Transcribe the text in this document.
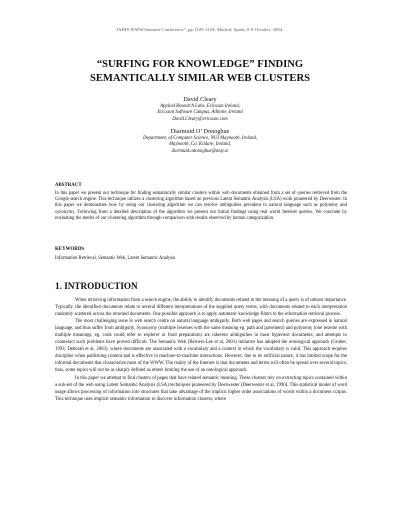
IADIS WWW/Internet Conference", pp 1129-1134, Madrid, Spain, 6-9 October, 2004.
“SURFING FOR KNOWLEDGE” FINDING
SEMANTICALLY SIMILAR WEB CLUSTERS
David Cleary
Applied Research Labs, Ericsson Ireland,
Ericsson Software Campus, Athlone, Ireland
David.Cleary@ericsson.com
Diarmuid O’ Donoghue
Department, of Computer Science, NUI Maynooth, Ireland,
Maynooth, Co. Kildare, Ireland,
diarmuid.odonoghue@may.ie
ABSTRACT
In this paper we present our technique for finding semantically similar clusters within web documents obtained from a set of queries retrieved from the Google search engine. This technique utilizes a clustering algorithm based on previous Latent Semantic Analysis (LSA) work pioneered by Deerwester. In this paper we demonstrate how by using our clustering algorithm we can resolve ambiguities prevalent in natural language such as polysemy and synonymy. Following from a detailed description of the algorithm we present our initial findings using real world Internet queries. We conclude by evaluating the merits of our clustering algorithm through comparison with results observed by human categorization.
KEYWORDS
Information Retrieval, Semantic Web, Latent Semantic Analysis
1. INTRODUCTION

When retrieving information from a search engine, the ability to identify documents related to the meaning of a query is of utmost importance. Typically, the identified documents relate to several different interpretations of the supplied query terms, with documents related to each interpretation randomly scattered across the returned documents. One possible approach is to apply automatic knowledge filters to the information retrieval process.

The most challenging issue in web search centre on natural language ambiguity. Both web pages and search queries are expressed in natural language, and thus suffer from ambiguity. Synonymy (multiple lexemes with the same meaning eg. path and pavement) and polysemy (one lexeme with multiple meanings, eg. cook could refer to explorer or food preparation) are inherent ambiguities in most hypertext documents; and attempts to counteract such problems have proved difficult. The Semantic Web (Berners-Lee et al, 2001) initiative has adopted the ontological approach (Gruber, 1993; Deborah et al, 2003), where documents are associated with a vocabulary and a context in which the vocabulary is valid. This approach requires discipline when publishing content and is effective in machine-to-machine interactions. However, due to its artificial nature, it has limited scope for the informal documents that characterize most of the WWW. The reality of the Internet is that documents and terms will often be spread over several topics; thus, some topics will not be as sharply defined as others limiting the use of an ontological approach.

In this paper we attempt to find clusters of pages that have related semantic meaning. These clusters rely on extracting topics contained within a sub-set of the web using Latent Semantic Analysis (LSA) techniques pioneered by Deerwester (Deerwester et al, 1990). This statistical model of word usage allows processing of information into structures that take advantage of the implicit higher order associations of words within a document corpus. This technique uses implicit semantic information to discover information clusters, where
